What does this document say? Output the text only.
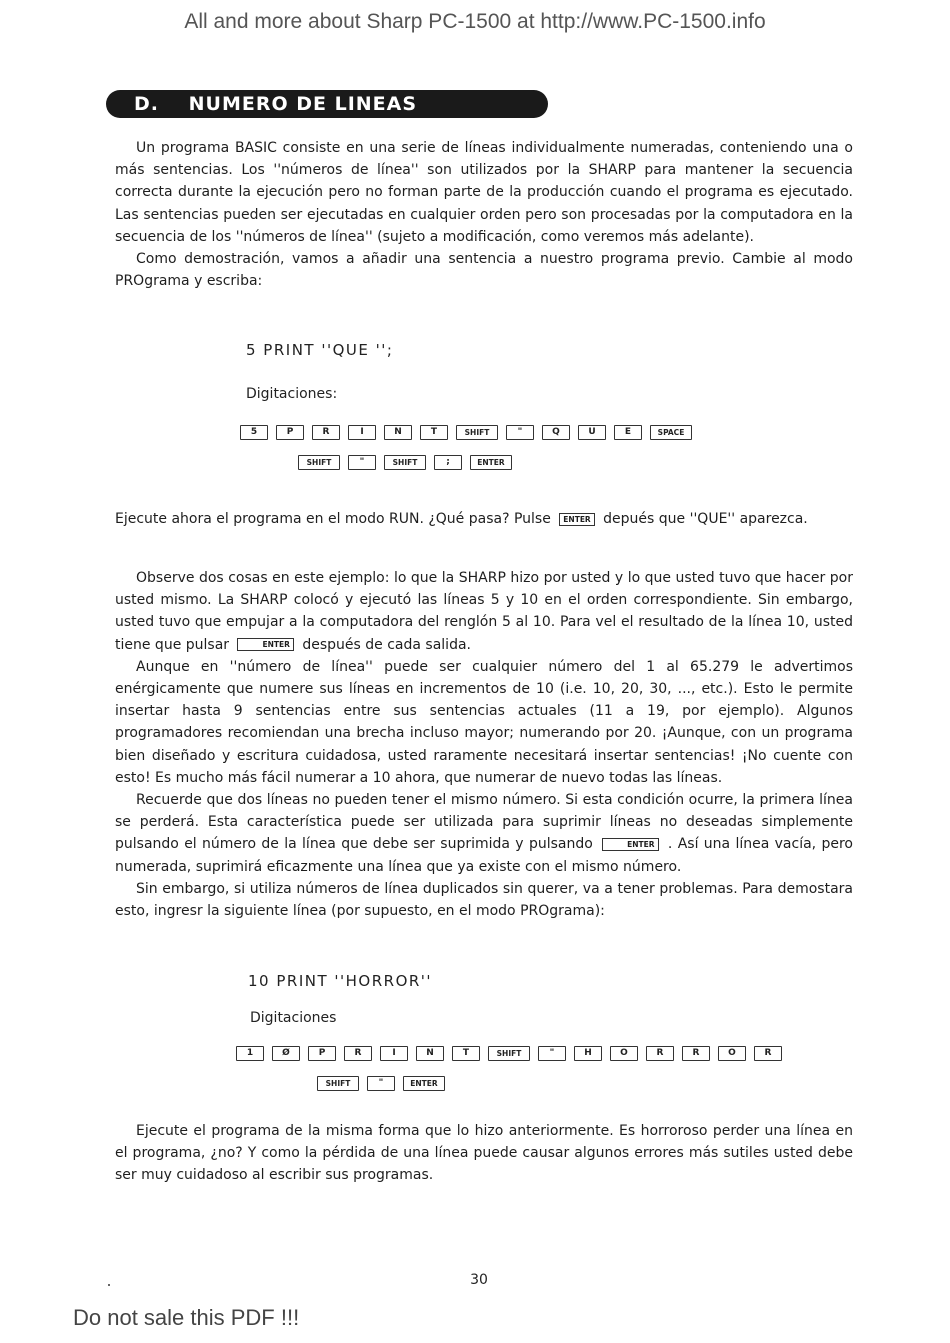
All and more about Sharp PC-1500 at http://www.PC-1500.info
D. NUMERO DE LINEAS

Un programa BASIC consiste en una serie de líneas individualmente numeradas, conteniendo una o más sentencias. Los ''números de línea'' son utilizados por la SHARP para mantener la secuencia correcta durante la ejecución pero no forman parte de la producción cuando el programa es ejecutado. Las sentencias pueden ser ejecutadas en cualquier orden pero son procesadas por la computadora en la secuencia de los ''números de línea'' (sujeto a modificación, como veremos más adelante).

Como demostración, vamos a añadir una sentencia a nuestro programa previo. Cambie al modo PROgrama y escriba:

5 PRINT ''QUE '';
Digitaciones:
5	P	R	I	N	T	SHIFT	"	Q	U	E	SPACE
SHIFT	"	SHIFT	;	ENTER

Ejecute ahora el programa en el modo RUN. ¿Qué pasa? Pulse ENTER depués que ''QUE'' aparezca.

Observe dos cosas en este ejemplo: lo que la SHARP hizo por usted y lo que usted tuvo que hacer por usted mismo. La SHARP colocó y ejecutó las líneas 5 y 10 en el orden correspondiente. Sin embargo, usted tuvo que empujar a la computadora del renglón 5 al 10. Para vel el resultado de la línea 10, usted tiene que pulsar	ENTER después de cada salida.

Aunque en ''número de línea'' puede ser cualquier número del 1 al 65.279 le advertimos enérgicamente que numere sus líneas en incrementos de 10 (i.e. 10, 20, 30, ..., etc.). Esto le permite insertar hasta 9 sentencias entre sus sentencias actuales (11 a 19, por ejemplo). Algunos programadores recomiendan una brecha incluso mayor; numerando por 20. ¡Aunque, con un programa bien diseñado y escritura cuidadosa, usted raramente necesitará insertar sentencias! ¡No cuente con esto! Es mucho más fácil numerar a 10 ahora, que numerar de nuevo todas las líneas.

Recuerde que dos líneas no pueden tener el mismo número. Si esta condición ocurre, la primera línea se perderá. Esta característica puede ser utilizada para suprimir líneas no deseadas simplemente pulsando el número de la línea que debe ser suprimida y pulsando	ENTER . Así una línea vacía, pero numerada, suprimirá eficazmente una línea que ya existe con el mismo número.

Sin embargo, si utiliza números de línea duplicados sin querer, va a tener problemas. Para demostara esto, ingresr la siguiente línea (por supuesto, en el modo PROgrama):

10 PRINT ''HORROR''
Digitaciones
1	Ø	P	R	I	N	T	SHIFT	"	H	O	R	R	O	R
SHIFT	"	ENTER

Ejecute el programa de la misma forma que lo hizo anteriormente. Es horroroso perder una línea en el programa, ¿no? Y como la pérdida de una línea puede causar algunos errores más sutiles usted debe ser muy cuidadoso al escribir sus programas.

30
Do not sale this PDF !!!
